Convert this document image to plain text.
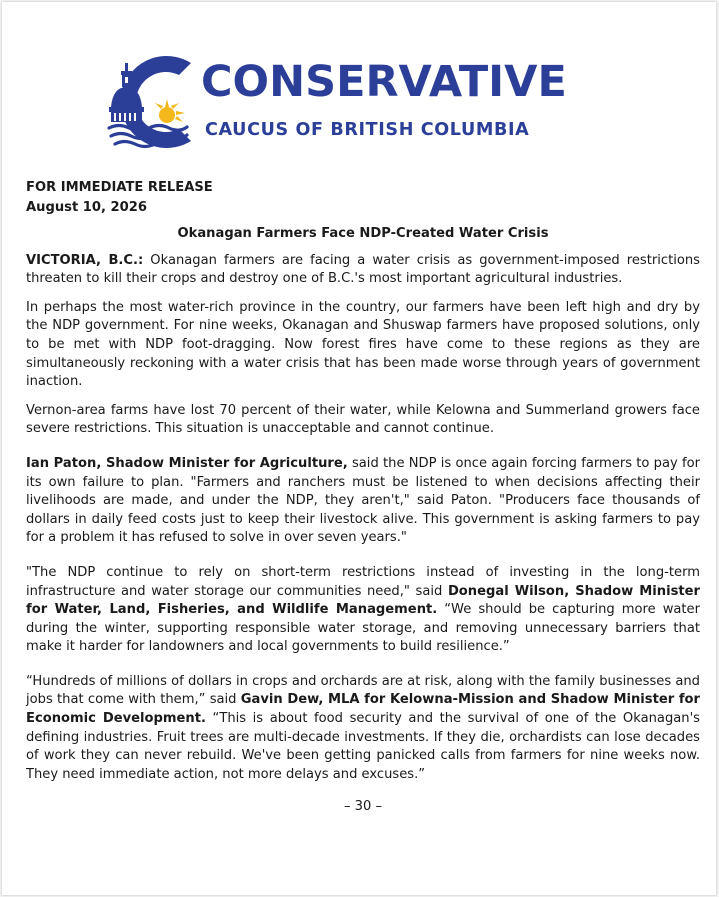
CONSERVATIVE
CAUCUS OF BRITISH COLUMBIA

FOR IMMEDIATE RELEASE

August 10, 2026

Okanagan Farmers Face NDP-Created Water Crisis

VICTORIA, B.C.: Okanagan farmers are facing a water crisis as government-imposed restrictions threaten to kill their crops and destroy one of B.C.'s most important agricultural industries.

In perhaps the most water-rich province in the country, our farmers have been left high and dry by the NDP government. For nine weeks, Okanagan and Shuswap farmers have proposed solutions, only to be met with NDP foot-dragging. Now forest fires have come to these regions as they are simultaneously reckoning with a water crisis that has been made worse through years of government inaction.

Vernon-area farms have lost 70 percent of their water, while Kelowna and Summerland growers face severe restrictions. This situation is unacceptable and cannot continue.

Ian Paton, Shadow Minister for Agriculture, said the NDP is once again forcing farmers to pay for its own failure to plan. "Farmers and ranchers must be listened to when decisions affecting their livelihoods are made, and under the NDP, they aren't," said Paton. "Producers face thousands of dollars in daily feed costs just to keep their livestock alive. This government is asking farmers to pay for a problem it has refused to solve in over seven years."

"The NDP continue to rely on short-term restrictions instead of investing in the long-term infrastructure and water storage our communities need," said Donegal Wilson, Shadow Minister for Water, Land, Fisheries, and Wildlife Management. “We should be capturing more water during the winter, supporting responsible water storage, and removing unnecessary barriers that make it harder for landowners and local governments to build resilience.”

“Hundreds of millions of dollars in crops and orchards are at risk, along with the family businesses and jobs that come with them,” said Gavin Dew, MLA for Kelowna-Mission and Shadow Minister for Economic Development. “This is about food security and the survival of one of the Okanagan's defining industries. Fruit trees are multi-decade investments. If they die, orchardists can lose decades of work they can never rebuild. We've been getting panicked calls from farmers for nine weeks now. They need immediate action, not more delays and excuses.”

– 30 –
